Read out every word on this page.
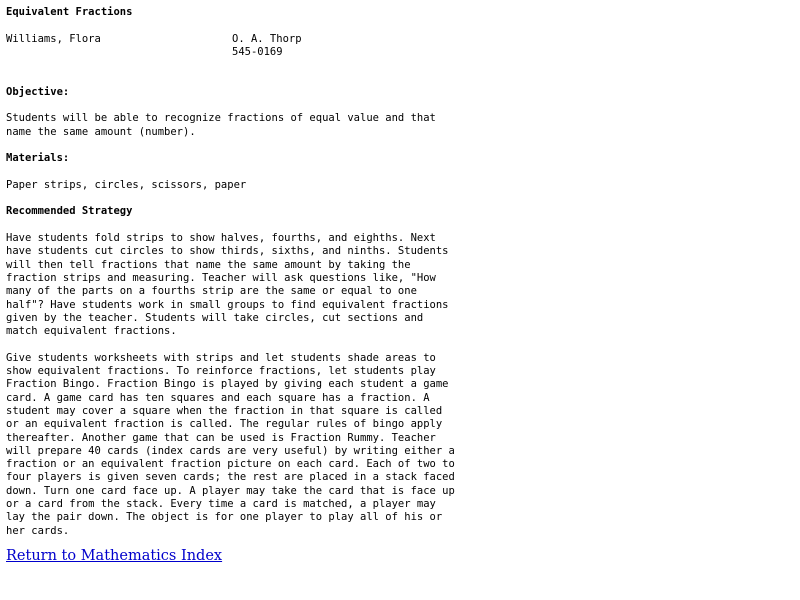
Equivalent Fractions
Williams, Flora	O. A. Thorp
545-0169
Objective:
Students will be able to recognize fractions of equal value and that
name the same amount (number).
Materials:
Paper strips, circles, scissors, paper
Recommended Strategy
Have students fold strips to show halves, fourths, and eighths. Next
have students cut circles to show thirds, sixths, and ninths. Students
will then tell fractions that name the same amount by taking the
fraction strips and measuring. Teacher will ask questions like, "How
many of the parts on a fourths strip are the same or equal to one
half"? Have students work in small groups to find equivalent fractions
given by the teacher. Students will take circles, cut sections and
match equivalent fractions.
Give students worksheets with strips and let students shade areas to
show equivalent fractions. To reinforce fractions, let students play
Fraction Bingo. Fraction Bingo is played by giving each student a game
card. A game card has ten squares and each square has a fraction. A
student may cover a square when the fraction in that square is called
or an equivalent fraction is called. The regular rules of bingo apply
thereafter. Another game that can be used is Fraction Rummy. Teacher
will prepare 40 cards (index cards are very useful) by writing either a
fraction or an equivalent fraction picture on each card. Each of two to
four players is given seven cards; the rest are placed in a stack faced
down. Turn one card face up. A player may take the card that is face up
or a card from the stack. Every time a card is matched, a player may
lay the pair down. The object is for one player to play all of his or
her cards.
Return to Mathematics Index
